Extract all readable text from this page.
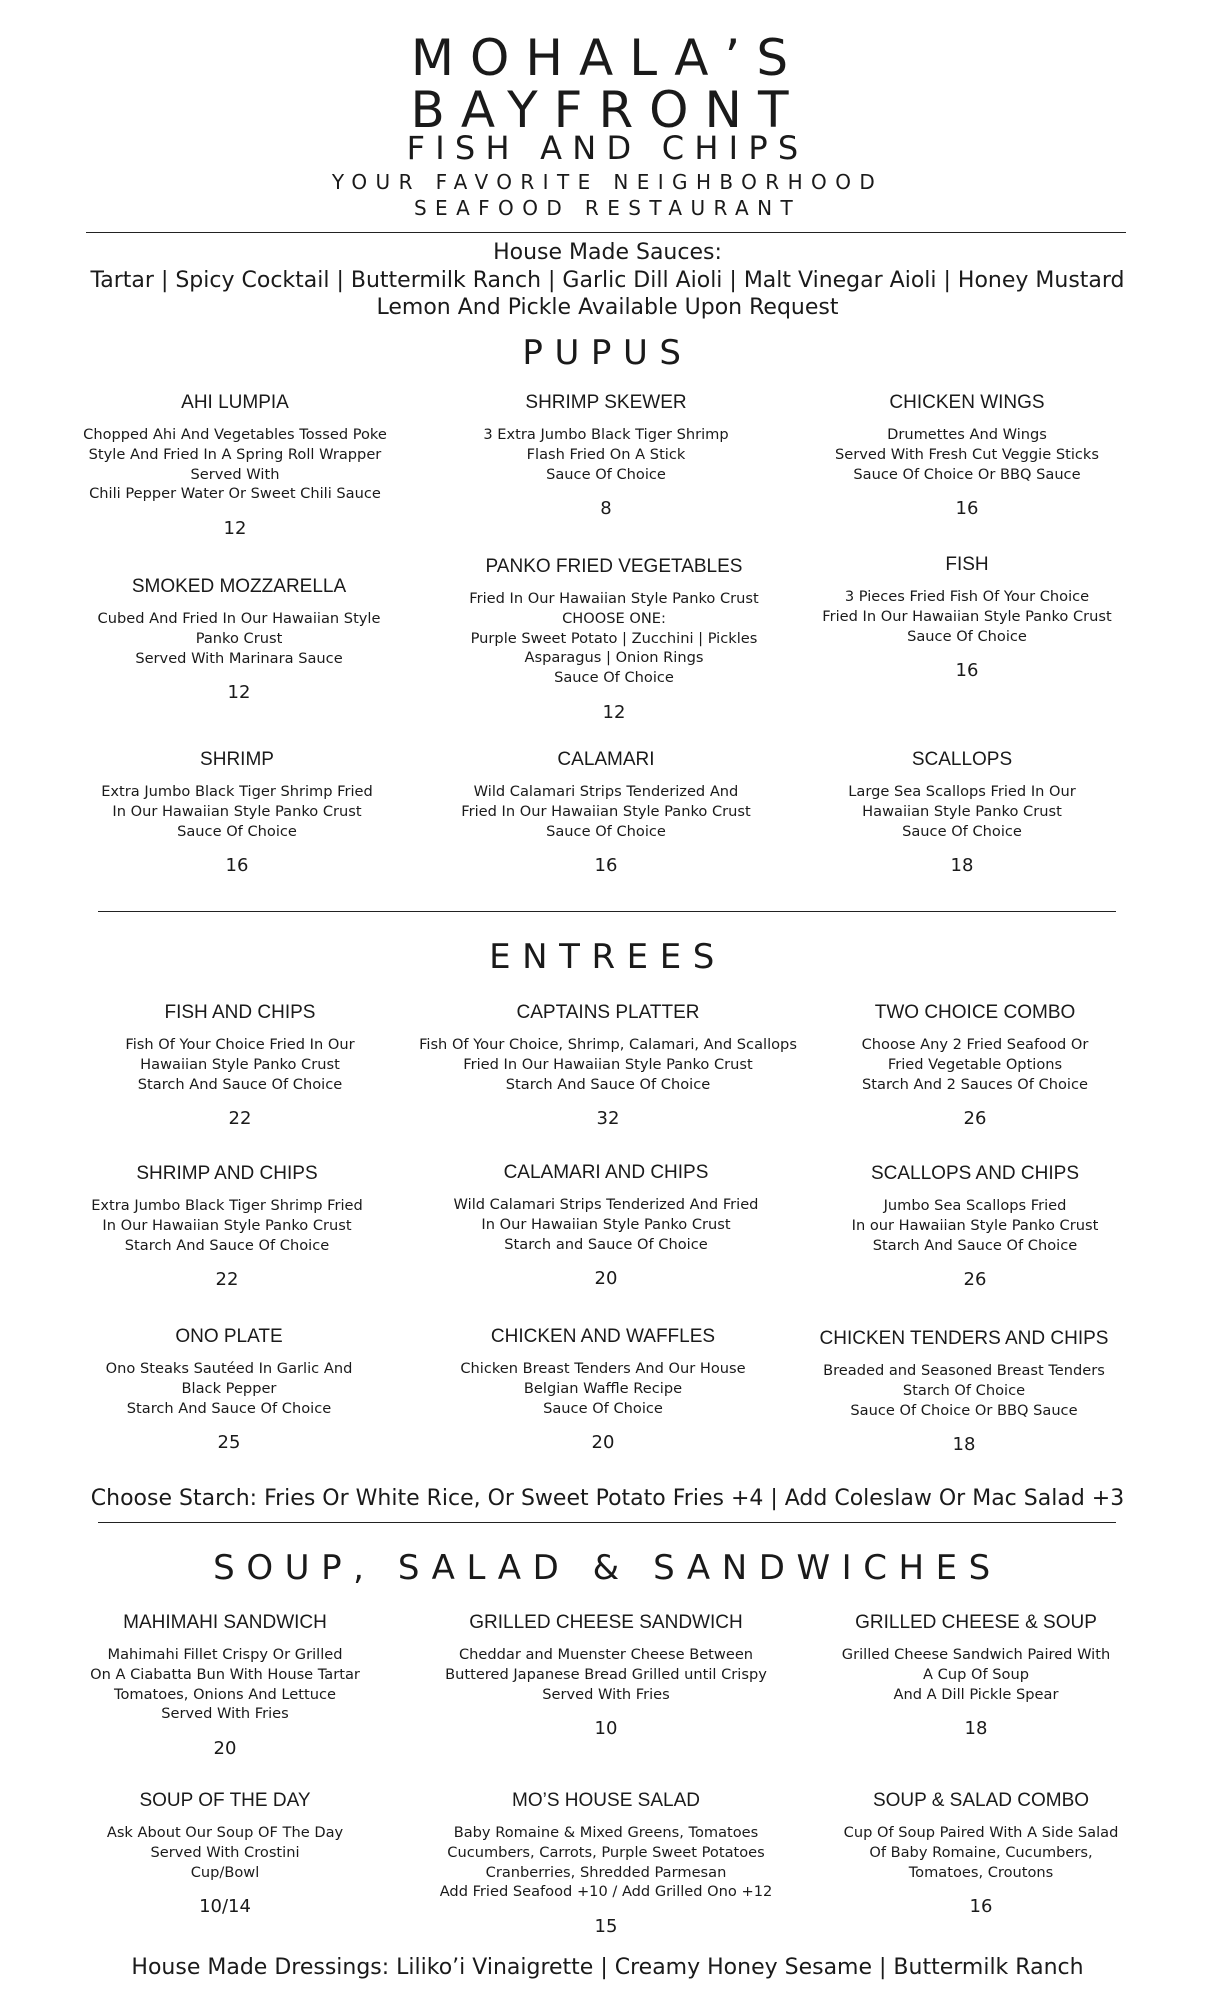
MOHALA’S
BAYFRONT
FISH AND CHIPS
YOUR FAVORITE NEIGHBORHOOD
SEAFOOD RESTAURANT
House Made Sauces:
Tartar | Spicy Cocktail | Buttermilk Ranch | Garlic Dill Aioli | Malt Vinegar Aioli | Honey Mustard
Lemon And Pickle Available Upon Request
PUPUS
ENTREES
Choose Starch: Fries Or White Rice, Or Sweet Potato Fries +4 | Add Coleslaw Or Mac Salad +3
SOUP, SALAD & SANDWICHES
House Made Dressings: Liliko’i Vinaigrette | Creamy Honey Sesame | Buttermilk Ranch
AHI LUMPIA
Chopped Ahi And Vegetables Tossed Poke
Style And Fried In A Spring Roll Wrapper
Served With
Chili Pepper Water Or Sweet Chili Sauce
12
SHRIMP SKEWER
3 Extra Jumbo Black Tiger Shrimp
Flash Fried On A Stick
Sauce Of Choice
8
CHICKEN WINGS
Drumettes And Wings
Served With Fresh Cut Veggie Sticks
Sauce Of Choice Or BBQ Sauce
16
SMOKED MOZZARELLA
Cubed And Fried In Our Hawaiian Style
Panko Crust
Served With Marinara Sauce
12
PANKO FRIED VEGETABLES
Fried In Our Hawaiian Style Panko Crust
CHOOSE ONE:
Purple Sweet Potato | Zucchini | Pickles
Asparagus | Onion Rings
Sauce Of Choice
12
FISH
3 Pieces Fried Fish Of Your Choice
Fried In Our Hawaiian Style Panko Crust
Sauce Of Choice
16
SHRIMP
Extra Jumbo Black Tiger Shrimp Fried
In Our Hawaiian Style Panko Crust
Sauce Of Choice
16
CALAMARI
Wild Calamari Strips Tenderized And
Fried In Our Hawaiian Style Panko Crust
Sauce Of Choice
16
SCALLOPS
Large Sea Scallops Fried In Our
Hawaiian Style Panko Crust
Sauce Of Choice
18
FISH AND CHIPS
Fish Of Your Choice Fried In Our
Hawaiian Style Panko Crust
Starch And Sauce Of Choice
22
CAPTAINS PLATTER
Fish Of Your Choice, Shrimp, Calamari, And Scallops
Fried In Our Hawaiian Style Panko Crust
Starch And Sauce Of Choice
32
TWO CHOICE COMBO
Choose Any 2 Fried Seafood Or
Fried Vegetable Options
Starch And 2 Sauces Of Choice
26
SHRIMP AND CHIPS
Extra Jumbo Black Tiger Shrimp Fried
In Our Hawaiian Style Panko Crust
Starch And Sauce Of Choice
22
CALAMARI AND CHIPS
Wild Calamari Strips Tenderized And Fried
In Our Hawaiian Style Panko Crust
Starch and Sauce Of Choice
20
SCALLOPS AND CHIPS
Jumbo Sea Scallops Fried
In our Hawaiian Style Panko Crust
Starch And Sauce Of Choice
26
ONO PLATE
Ono Steaks Sautéed In Garlic And
Black Pepper
Starch And Sauce Of Choice
25
CHICKEN AND WAFFLES
Chicken Breast Tenders And Our House
Belgian Waffle Recipe
Sauce Of Choice
20
CHICKEN TENDERS AND CHIPS
Breaded and Seasoned Breast Tenders
Starch Of Choice
Sauce Of Choice Or BBQ Sauce
18
MAHIMAHI SANDWICH
Mahimahi Fillet Crispy Or Grilled
On A Ciabatta Bun With House Tartar
Tomatoes, Onions And Lettuce
Served With Fries
20
GRILLED CHEESE SANDWICH
Cheddar and Muenster Cheese Between
Buttered Japanese Bread Grilled until Crispy
Served With Fries
10
GRILLED CHEESE & SOUP
Grilled Cheese Sandwich Paired With
A Cup Of Soup
And A Dill Pickle Spear
18
SOUP OF THE DAY
Ask About Our Soup OF The Day
Served With Crostini
Cup/Bowl
10/14
MO’S HOUSE SALAD
Baby Romaine & Mixed Greens, Tomatoes
Cucumbers, Carrots, Purple Sweet Potatoes
Cranberries, Shredded Parmesan
Add Fried Seafood +10 / Add Grilled Ono +12
15
SOUP & SALAD COMBO
Cup Of Soup Paired With A Side Salad
Of Baby Romaine, Cucumbers,
Tomatoes, Croutons
16
